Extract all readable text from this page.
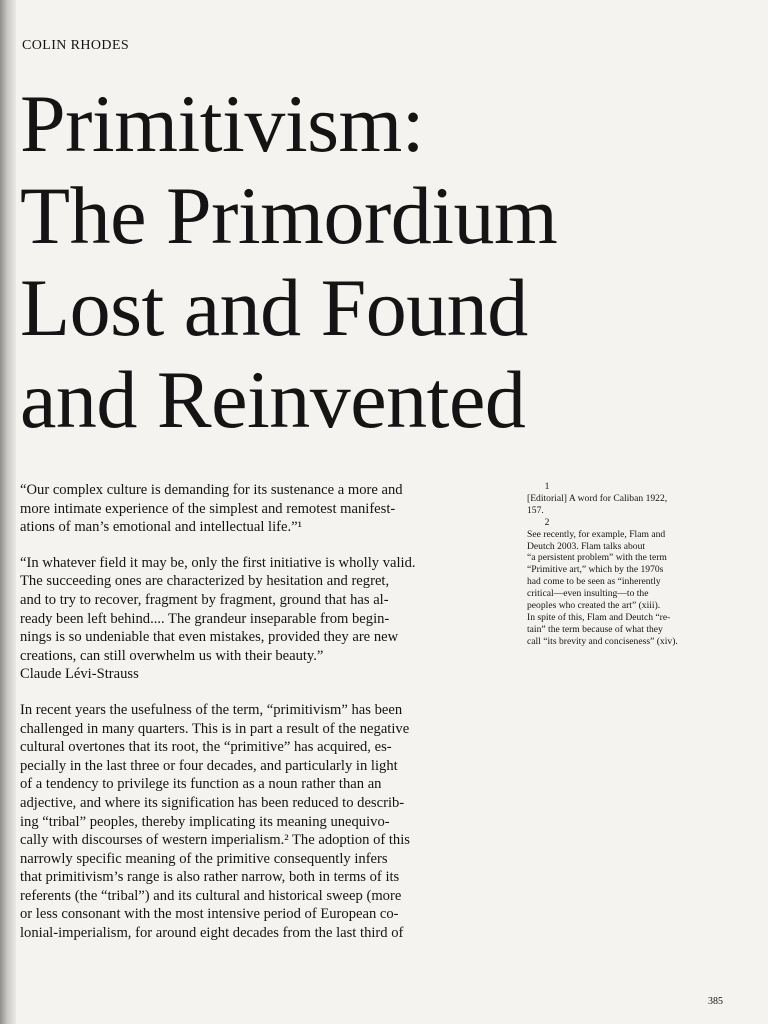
COLIN RHODES
Primitivism:
The Primordium
Lost and Found
and Reinvented

“Our complex culture is demanding for its sustenance a more and
more intimate experience of the simplest and remotest manifest-
ations of man’s emotional and intellectual life.”¹

“In whatever field it may be, only the first initiative is wholly valid.
The succeeding ones are characterized by hesitation and regret,
and to try to recover, fragment by fragment, ground that has al-
ready been left behind.... The grandeur inseparable from begin-
nings is so undeniable that even mistakes, provided they are new
creations, can still overwhelm us with their beauty.”

Claude Lévi-Strauss

In recent years the usefulness of the term, “primitivism” has been
challenged in many quarters. This is in part a result of the negative
cultural overtones that its root, the “primitive” has acquired, es-
pecially in the last three or four decades, and particularly in light
of a tendency to privilege its function as a noun rather than an
adjective, and where its signification has been reduced to describ-
ing “tribal” peoples, thereby implicating its meaning unequivo-
cally with discourses of western imperialism.² The adoption of this
narrowly specific meaning of the primitive consequently infers
that primitivism’s range is also rather narrow, both in terms of its
referents (the “tribal”) and its cultural and historical sweep (more
or less consonant with the most intensive period of European co-
lonial-imperialism, for around eight decades from the last third of

1

[Editorial] A word for Caliban 1922,
157.

2

See recently, for example, Flam and
Deutch 2003. Flam talks about
“a persistent problem” with the term
“Primitive art,” which by the 1970s
had come to be seen as “inherently
critical—even insulting—to the
peoples who created the art” (xiii).
In spite of this, Flam and Deutch “re-
tain” the term because of what they
call “its brevity and conciseness” (xiv).

385
